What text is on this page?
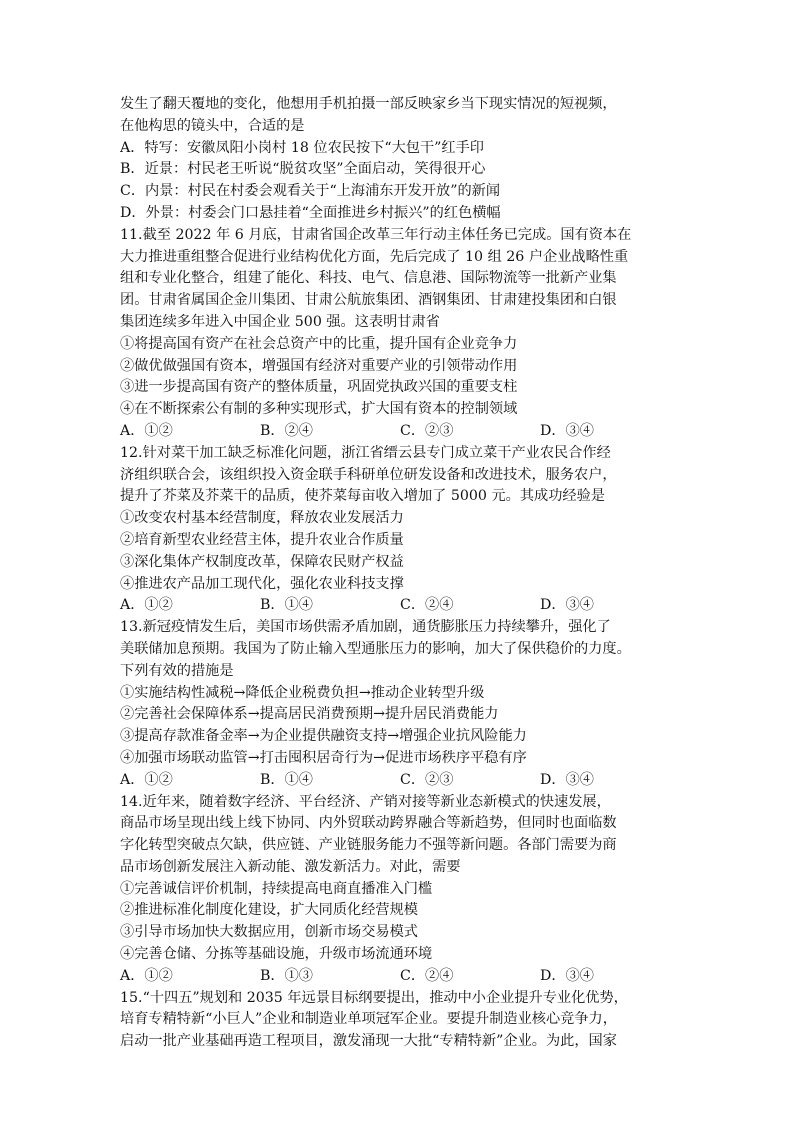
发生了翻天覆地的变化，他想用手机拍摄一部反映家乡当下现实情况的短视频，
在他构思的镜头中，合适的是
A．特写：安徽凤阳小岗村 18 位农民按下“大包干”红手印
B．近景：村民老王听说“脱贫攻坚”全面启动，笑得很开心
C．内景：村民在村委会观看关于“上海浦东开发开放”的新闻
D．外景：村委会门口悬挂着“全面推进乡村振兴”的红色横幅
11.截至 2022 年 6 月底，甘肃省国企改革三年行动主体任务已完成。国有资本在
大力推进重组整合促进行业结构优化方面，先后完成了 10 组 26 户企业战略性重
组和专业化整合，组建了能化、科技、电气、信息港、国际物流等一批新产业集
团。甘肃省属国企金川集团、甘肃公航旅集团、酒钢集团、甘肃建投集团和白银
集团连续多年进入中国企业 500 强。这表明甘肃省
①将提高国有资产在社会总资产中的比重，提升国有企业竞争力
②做优做强国有资本，增强国有经济对重要产业的引领带动作用
③进一步提高国有资产的整体质量，巩固党执政兴国的重要支柱
④在不断探索公有制的多种实现形式，扩大国有资本的控制领域
A．①②	B．②④	C．②③	D．③④
12.针对菜干加工缺乏标准化问题，浙江省缙云县专门成立菜干产业农民合作经
济组织联合会，该组织投入资金联手科研单位研发设备和改进技术，服务农户，
提升了芥菜及芥菜干的品质，使芥菜每亩收入增加了 5000 元。其成功经验是
①改变农村基本经营制度，释放农业发展活力
②培育新型农业经营主体，提升农业合作质量
③深化集体产权制度改革，保障农民财产权益
④推进农产品加工现代化，强化农业科技支撑
A．①②	B．①④	C．②④	D．③④
13.新冠疫情发生后，美国市场供需矛盾加剧，通货膨胀压力持续攀升，强化了
美联储加息预期。我国为了防止输入型通胀压力的影响，加大了保供稳价的力度。
下列有效的措施是
①实施结构性减税→降低企业税费负担→推动企业转型升级
②完善社会保障体系→提高居民消费预期→提升居民消费能力
③提高存款准备金率→为企业提供融资支持→增强企业抗风险能力
④加强市场联动监管→打击囤积居奇行为→促进市场秩序平稳有序
A．①②	B．①④	C．②③	D．③④
14.近年来，随着数字经济、平台经济、产销对接等新业态新模式的快速发展，
商品市场呈现出线上线下协同、内外贸联动跨界融合等新趋势，但同时也面临数
字化转型突破点欠缺，供应链、产业链服务能力不强等新问题。各部门需要为商
品市场创新发展注入新动能、激发新活力。对此，需要
①完善诚信评价机制，持续提高电商直播准入门槛
②推进标准化制度化建设，扩大同质化经营规模
③引导市场加快大数据应用，创新市场交易模式
④完善仓储、分拣等基础设施，升级市场流通环境
A．①②	B．①③	C．②④	D．③④
15.“十四五”规划和 2035 年远景目标纲要提出，推动中小企业提升专业化优势，
培育专精特新“小巨人”企业和制造业单项冠军企业。要提升制造业核心竞争力，
启动一批产业基础再造工程项目，激发涌现一大批“专精特新”企业。为此，国家
